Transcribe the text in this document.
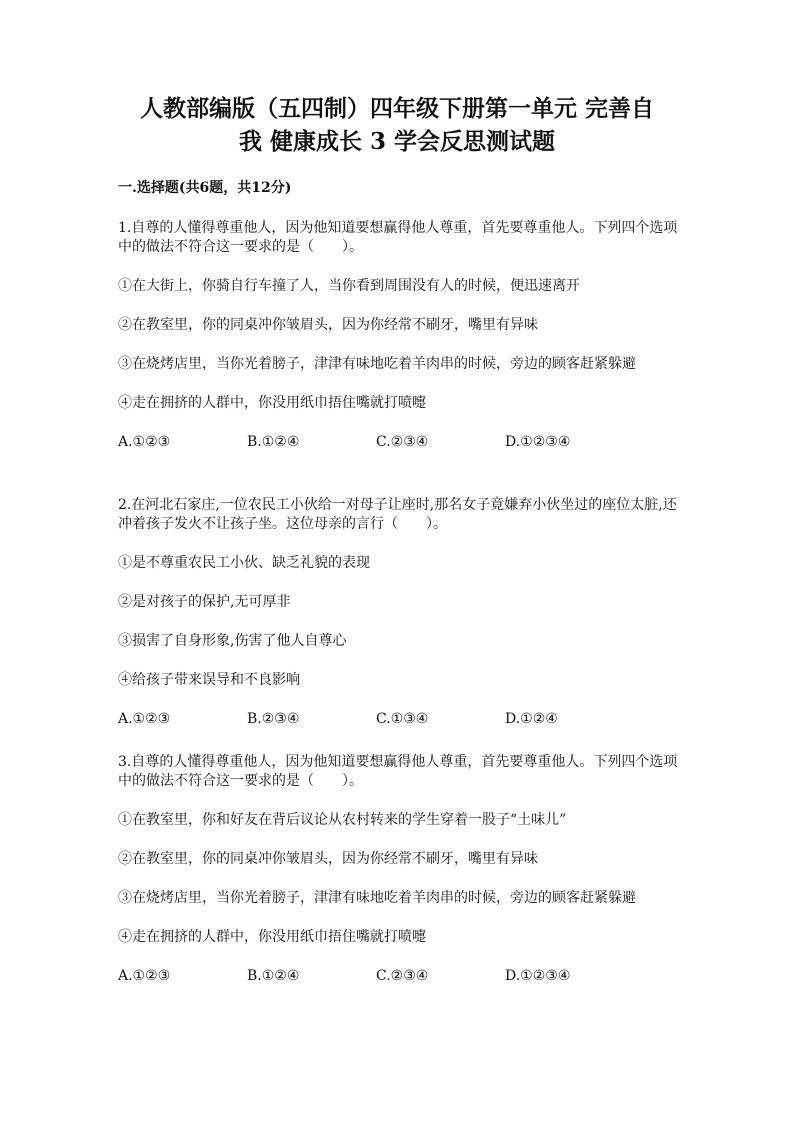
人教部编版（五四制）四年级下册第一单元 完善自
我 健康成长 3 学会反思测试题

一.选择题(共6题，共12分)

1.自尊的人懂得尊重他人，因为他知道要想赢得他人尊重，首先要尊重他人。下列四个选项中的做法不符合这一要求的是（　　）。

①在大街上，你骑自行车撞了人，当你看到周围没有人的时候，便迅速离开

②在教室里，你的同桌冲你皱眉头，因为你经常不刷牙，嘴里有异味

③在烧烤店里，当你光着膀子，津津有味地吃着羊肉串的时候，旁边的顾客赶紧躲避

④走在拥挤的人群中，你没用纸巾捂住嘴就打喷嚏

A.①②③	B.①②④	C.②③④	D.①②③④

2.在河北石家庄,一位农民工小伙给一对母子让座时,那名女子竟嫌弃小伙坐过的座位太脏,还冲着孩子发火不让孩子坐。这位母亲的言行（　　）。

①是不尊重农民工小伙、缺乏礼貌的表现

②是对孩子的保护,无可厚非

③损害了自身形象,伤害了他人自尊心

④给孩子带来误导和不良影响

A.①②③	B.②③④	C.①③④	D.①②④

3.自尊的人懂得尊重他人，因为他知道要想赢得他人尊重，首先要尊重他人。下列四个选项中的做法不符合这一要求的是（　　）。

①在教室里，你和好友在背后议论从农村转来的学生穿着一股子“土味儿”

②在教室里，你的同桌冲你皱眉头，因为你经常不刷牙，嘴里有异味

③在烧烤店里，当你光着膀子，津津有味地吃着羊肉串的时候，旁边的顾客赶紧躲避

④走在拥挤的人群中，你没用纸巾捂住嘴就打喷嚏

A.①②③	B.①②④	C.②③④	D.①②③④
